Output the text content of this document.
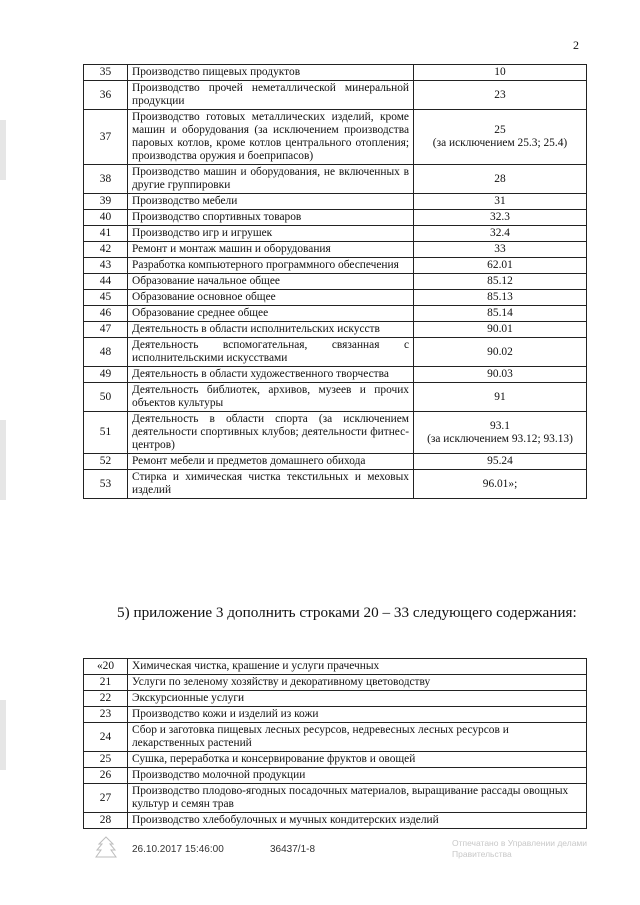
2
35	Производство пищевых продуктов	10
36	Производство прочей неметаллической минеральной продукции	23
37	Производство готовых металлических изделий, кроме машин и оборудования (за исключением производства паровых котлов, кроме котлов центрального отопления; производства оружия и боеприпасов)	25
(за исключением 25.3; 25.4)
38	Производство машин и оборудования, не включенных в другие группировки	28
39	Производство мебели	31
40	Производство спортивных товаров	32.3
41	Производство игр и игрушек	32.4
42	Ремонт и монтаж машин и оборудования	33
43	Разработка компьютерного программного обеспечения	62.01
44	Образование начальное общее	85.12
45	Образование основное общее	85.13
46	Образование среднее общее	85.14
47	Деятельность в области исполнительских искусств	90.01
48	Деятельность вспомогательная, связанная с исполнительскими искусствами	90.02
49	Деятельность в области художественного творчества	90.03
50	Деятельность библиотек, архивов, музеев и прочих объектов культуры	91
51	Деятельность в области спорта (за исключением деятельности спортивных клубов; деятельности фитнес-центров)	93.1
(за исключением 93.12; 93.13)
52	Ремонт мебели и предметов домашнего обихода	95.24
53	Стирка и химическая чистка текстильных и меховых изделий	96.01»;
5) приложение 3 дополнить строками 20 – 33 следующего содержания:
«20	Химическая чистка, крашение и услуги прачечных
21	Услуги по зеленому хозяйству и декоративному цветоводству
22	Экскурсионные услуги
23	Производство кожи и изделий из кожи
24	Сбор и заготовка пищевых лесных ресурсов, недревесных лесных ресурсов и лекарственных растений
25	Сушка, переработка и консервирование фруктов и овощей
26	Производство молочной продукции
27	Производство плодово-ягодных посадочных материалов, выращивание рассады овощных культур и семян трав
28	Производство хлебобулочных и мучных кондитерских изделий
26.10.2017 15:46:00	36437/1-8
Отпечатано в Управлении делами Правительства
